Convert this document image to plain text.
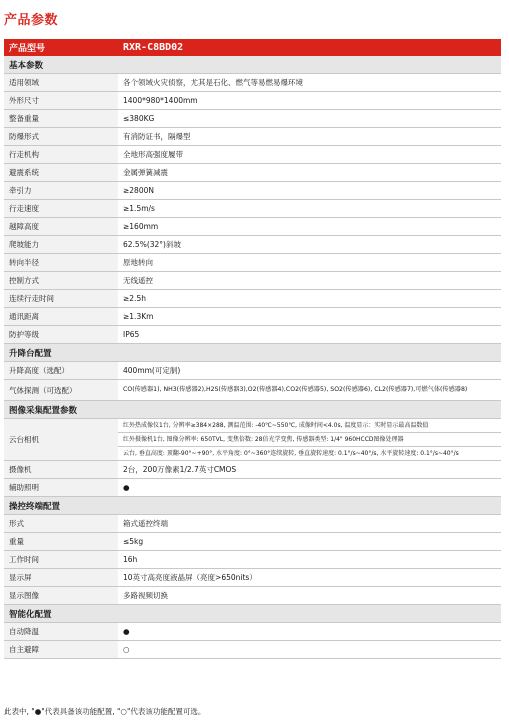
产品参数
产品型号	RXR-C8BD02
基本参数	
适用领域	各个领域火灾侦察，尤其是石化、燃气等易燃易爆环境
外形尺寸	1400*980*1400mm
整备重量	≤380KG
防爆形式	有消防证书，隔爆型
行走机构	全地形高强度履带
避震系统	金属弹簧减震
牵引力	≥2800N
行走速度	≥1.5m/s
越障高度	≥160mm
爬坡能力	62.5%(32°)斜坡
转向半径	原地转向
控制方式	无线遥控
连续行走时间	≥2.5h
通讯距离	≥1.3Km
防护等级	IP65
升降台配置	
升降高度（选配）	400mm(可定制)
气体探测（可选配）	CO(传感器1), NH3(传感器2),H2S(传感器3),O2(传感器4),CO2(传感器5), SO2(传感器6), CL2(传感器7),可燃气体(传感器8)
图像采集配置参数	
云台相机	红外热成像仪1台, 分辨率≥384×288, 测温范围: -40℃~550℃, 成像时间<4.0s, 温度显示：实时显示最高温数值
红外摄像机1台, 图像分辨率: 650TVL, 变焦倍数: 28倍光学变焦, 传感器类型: 1/4" 960HCCD图像处理器
云台, 垂直高度: 顶翻-90°~+90°, 水平角度: 0°~360°连续旋转, 垂直旋转速度: 0.1°/s~40°/s, 水平旋转速度: 0.1°/s~40°/s

摄像机	2台，200万像素1/2.7英寸CMOS
辅助照明	●
操控终端配置	
形式	箱式遥控终端
重量	≤5kg
工作时间	16h
显示屏	10英寸高亮度液晶屏（亮度>650nits）
显示图像	多路视频切换
智能化配置	
自动降温	●
自主避障	○
此表中, "●"代表具备该功能配置, "○"代表该功能配置可选。
